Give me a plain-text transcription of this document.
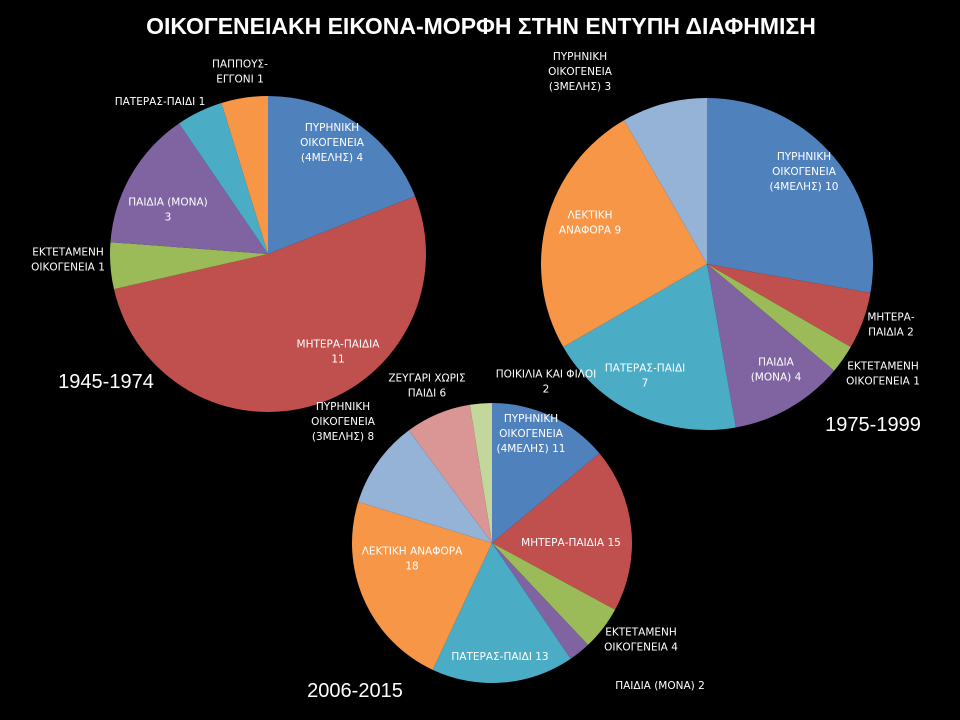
ΟΙΚΟΓΕΝΕΙΑΚΗ ΕΙΚΟΝΑ-ΜΟΡΦΗ ΣΤΗΝ ΕΝΤΥΠΗ ΔΙΑΦΗΜΙΣΗ
ΠΥΡΗΝΙΚΗ ΟΙΚΟΓΕΝΕΙΑ (4ΜΕΛΗΣ) 4
ΜΗΤΕΡΑ-ΠΑΙΔΙΑ 11
ΕΚΤΕΤΑΜΕΝΗ ΟΙΚΟΓΕΝΕΙΑ 1
ΠΑΙΔΙΑ (ΜΟΝΑ) 3
ΠΑΤΕΡΑΣ-ΠΑΙΔΙ 1
ΠΑΠΠΟΥΣ-ΕΓΓΟΝΙ 1
1945-1974
ΠΥΡΗΝΙΚΗ ΟΙΚΟΓΕΝΕΙΑ (4ΜΕΛΗΣ) 10
ΜΗΤΕΡΑ-ΠΑΙΔΙΑ 2
ΕΚΤΕΤΑΜΕΝΗ ΟΙΚΟΓΕΝΕΙΑ 1
ΠΑΙΔΙΑ (ΜΟΝΑ) 4
ΠΑΤΕΡΑΣ-ΠΑΙΔΙ 7
ΛΕΚΤΙΚΗ ΑΝΑΦΟΡΑ 9
ΠΥΡΗΝΙΚΗ ΟΙΚΟΓΕΝΕΙΑ (3ΜΕΛΗΣ) 3
1975-1999
ΠΥΡΗΝΙΚΗ ΟΙΚΟΓΕΝΕΙΑ (4ΜΕΛΗΣ) 11
ΜΗΤΕΡΑ-ΠΑΙΔΙΑ 15
ΕΚΤΕΤΑΜΕΝΗ ΟΙΚΟΓΕΝΕΙΑ 4
ΠΑΙΔΙΑ (ΜΟΝΑ) 2
ΠΑΤΕΡΑΣ-ΠΑΙΔΙ 13
ΛΕΚΤΙΚΗ ΑΝΑΦΟΡΑ 18
ΠΥΡΗΝΙΚΗ ΟΙΚΟΓΕΝΕΙΑ (3ΜΕΛΗΣ) 8
ΖΕΥΓΑΡΙ ΧΩΡΙΣ ΠΑΙΔΙ 6
ΠΟΙΚΙΛΙΑ ΚΑΙ ΦΙΛΟΙ 2
2006-2015
